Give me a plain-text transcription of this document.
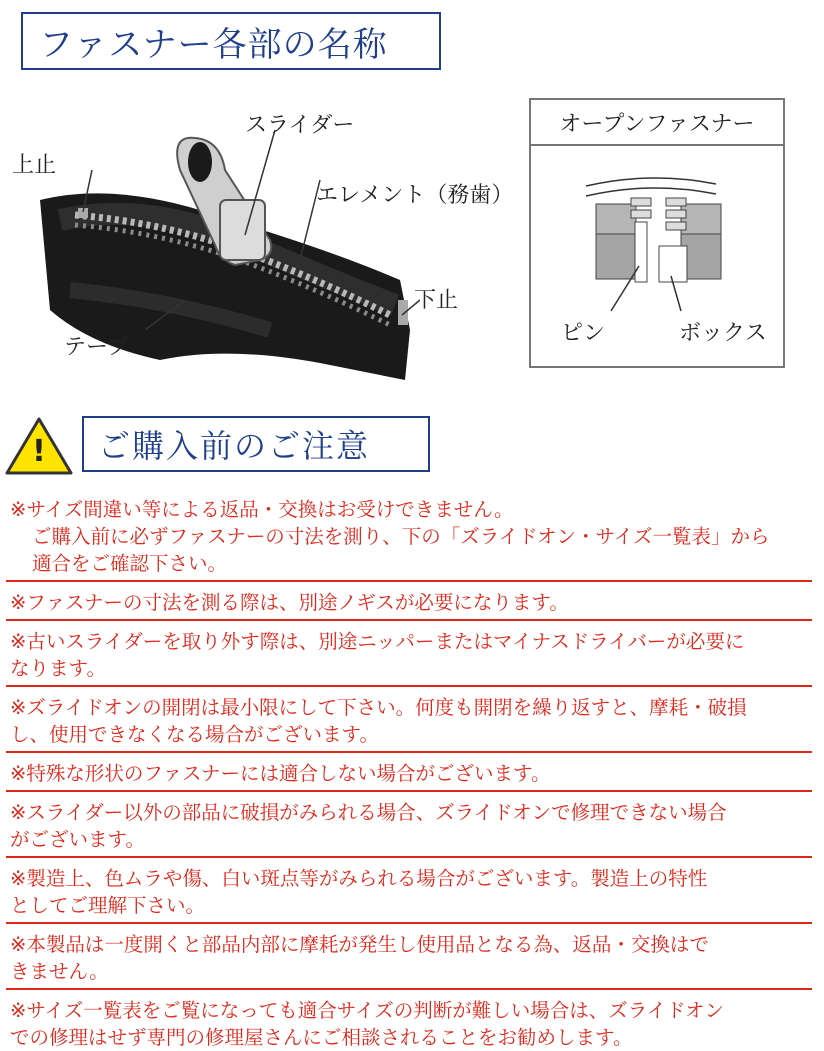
ファスナー各部の名称
スライダー
上止
エレメント（務歯）
下止
テープ
オープンファスナー
ピン	ボックス
!	ご購入前のご注意
※サイズ間違い等による返品・交換はお受けできません。
ご購入前に必ずファスナーの寸法を測り、下の「ズライドオン・サイズ一覧表」から
適合をご確認下さい。
※ファスナーの寸法を測る際は、別途ノギスが必要になります。
※古いスライダーを取り外す際は、別途ニッパーまたはマイナスドライバーが必要に
なります。
※ズライドオンの開閉は最小限にして下さい。何度も開閉を繰り返すと、摩耗・破損
し、使用できなくなる場合がございます。
※特殊な形状のファスナーには適合しない場合がございます。
※スライダー以外の部品に破損がみられる場合、ズライドオンで修理できない場合
がございます。
※製造上、色ムラや傷、白い斑点等がみられる場合がございます。製造上の特性
としてご理解下さい。
※本製品は一度開くと部品内部に摩耗が発生し使用品となる為、返品・交換はで
きません。
※サイズ一覧表をご覧になっても適合サイズの判断が難しい場合は、ズライドオン
での修理はせず専門の修理屋さんにご相談されることをお勧めします。
